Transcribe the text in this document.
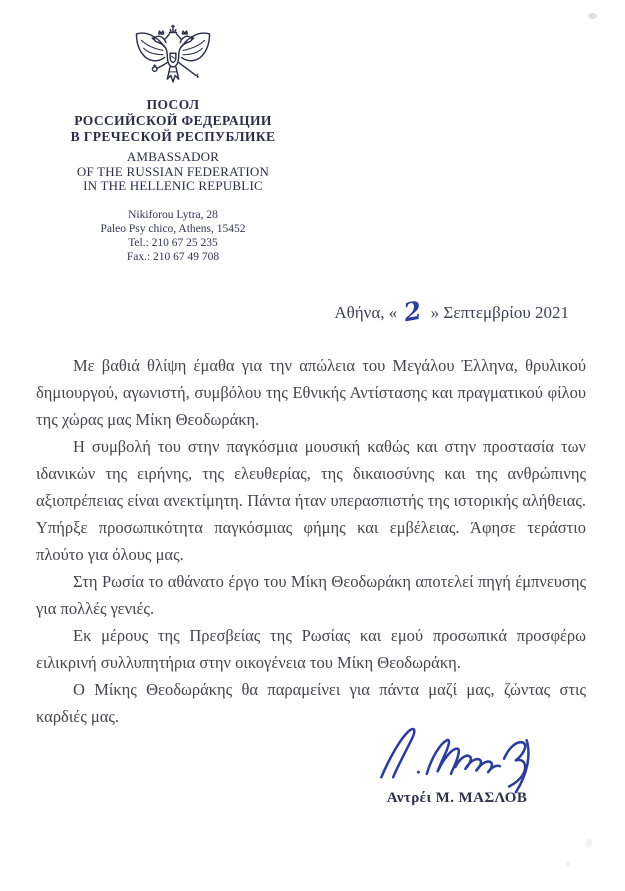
ПОСОЛ
РОССИЙСКОЙ ФЕДЕРАЦИИ
В ГРЕЧЕСКОЙ РЕСПУБЛИКЕ
AMBASSADOR
OF THE RUSSIAN FEDERATION
IN THE HELLENIC REPUBLIC
Nikiforou Lytra, 28
Paleo Psy chico, Athens, 15452
Tel.: 210 67 25 235
Fax.: 210 67 49 708
Αθήνα, « 2 » Σεπτεμβρίου 2021

Με βαθιά θλίψη έμαθα για την απώλεια του Μεγάλου Έλληνα, θρυλικού δημιουργού, αγωνιστή, συμβόλου της Εθνικής Αντίστασης και πραγματικού φίλου της χώρας μας Μίκη Θεοδωράκη.

Η συμβολή του στην παγκόσμια μουσική καθώς και στην προστασία των ιδανικών της ειρήνης, της ελευθερίας, της δικαιοσύνης και της ανθρώπινης αξιοπρέπειας είναι ανεκτίμητη. Πάντα ήταν υπερασπιστής της ιστορικής αλήθειας. Υπήρξε προσωπικότητα παγκόσμιας φήμης και εμβέλειας. Άφησε τεράστιο πλούτο για όλους μας.

Στη Ρωσία το αθάνατο έργο του Μίκη Θεοδωράκη αποτελεί πηγή έμπνευσης για πολλές γενιές.

Εκ μέρους της Πρεσβείας της Ρωσίας και εμού προσωπικά προσφέρω ειλικρινή συλλυπητήρια στην οικογένεια του Μίκη Θεοδωράκη.

Ο Μίκης Θεοδωράκης θα παραμείνει για πάντα μαζί μας, ζώντας στις καρδιές μας.

Αντρέι Μ. ΜΑΣΛΟΒ
